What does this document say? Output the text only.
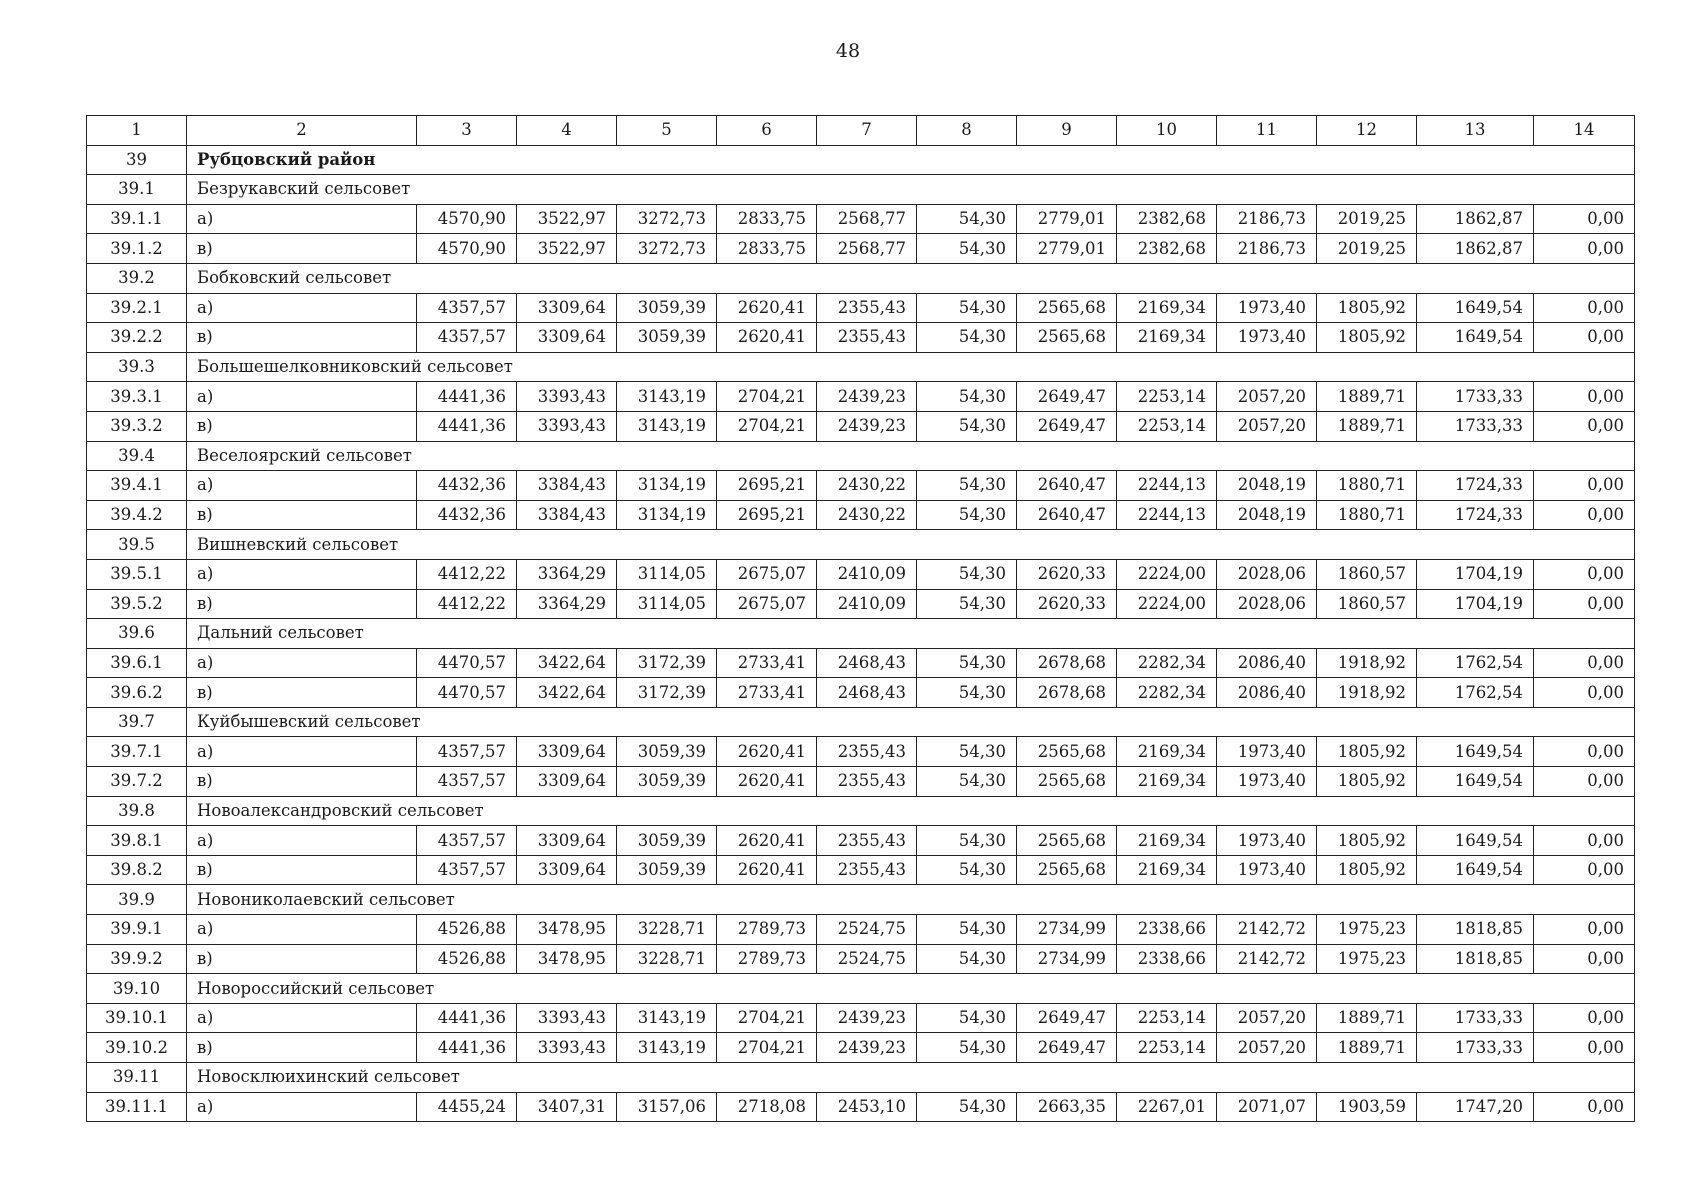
48
1	2	3	4	5	6	7	8	9	10	11	12	13	14
39	Рубцовский район												
39.1	Безрукавский сельсовет												
39.1.1	а)	4570,90	3522,97	3272,73	2833,75	2568,77	54,30	2779,01	2382,68	2186,73	2019,25	1862,87	0,00
39.1.2	в)	4570,90	3522,97	3272,73	2833,75	2568,77	54,30	2779,01	2382,68	2186,73	2019,25	1862,87	0,00
39.2	Бобковский сельсовет												
39.2.1	а)	4357,57	3309,64	3059,39	2620,41	2355,43	54,30	2565,68	2169,34	1973,40	1805,92	1649,54	0,00
39.2.2	в)	4357,57	3309,64	3059,39	2620,41	2355,43	54,30	2565,68	2169,34	1973,40	1805,92	1649,54	0,00
39.3	Большешелковниковский сельсовет												
39.3.1	а)	4441,36	3393,43	3143,19	2704,21	2439,23	54,30	2649,47	2253,14	2057,20	1889,71	1733,33	0,00
39.3.2	в)	4441,36	3393,43	3143,19	2704,21	2439,23	54,30	2649,47	2253,14	2057,20	1889,71	1733,33	0,00
39.4	Веселоярский сельсовет												
39.4.1	а)	4432,36	3384,43	3134,19	2695,21	2430,22	54,30	2640,47	2244,13	2048,19	1880,71	1724,33	0,00
39.4.2	в)	4432,36	3384,43	3134,19	2695,21	2430,22	54,30	2640,47	2244,13	2048,19	1880,71	1724,33	0,00
39.5	Вишневский сельсовет												
39.5.1	а)	4412,22	3364,29	3114,05	2675,07	2410,09	54,30	2620,33	2224,00	2028,06	1860,57	1704,19	0,00
39.5.2	в)	4412,22	3364,29	3114,05	2675,07	2410,09	54,30	2620,33	2224,00	2028,06	1860,57	1704,19	0,00
39.6	Дальний сельсовет												
39.6.1	а)	4470,57	3422,64	3172,39	2733,41	2468,43	54,30	2678,68	2282,34	2086,40	1918,92	1762,54	0,00
39.6.2	в)	4470,57	3422,64	3172,39	2733,41	2468,43	54,30	2678,68	2282,34	2086,40	1918,92	1762,54	0,00
39.7	Куйбышевский сельсовет												
39.7.1	а)	4357,57	3309,64	3059,39	2620,41	2355,43	54,30	2565,68	2169,34	1973,40	1805,92	1649,54	0,00
39.7.2	в)	4357,57	3309,64	3059,39	2620,41	2355,43	54,30	2565,68	2169,34	1973,40	1805,92	1649,54	0,00
39.8	Новоалександровский сельсовет												
39.8.1	а)	4357,57	3309,64	3059,39	2620,41	2355,43	54,30	2565,68	2169,34	1973,40	1805,92	1649,54	0,00
39.8.2	в)	4357,57	3309,64	3059,39	2620,41	2355,43	54,30	2565,68	2169,34	1973,40	1805,92	1649,54	0,00
39.9	Новониколаевский сельсовет												
39.9.1	а)	4526,88	3478,95	3228,71	2789,73	2524,75	54,30	2734,99	2338,66	2142,72	1975,23	1818,85	0,00
39.9.2	в)	4526,88	3478,95	3228,71	2789,73	2524,75	54,30	2734,99	2338,66	2142,72	1975,23	1818,85	0,00
39.10	Новороссийский сельсовет												
39.10.1	а)	4441,36	3393,43	3143,19	2704,21	2439,23	54,30	2649,47	2253,14	2057,20	1889,71	1733,33	0,00
39.10.2	в)	4441,36	3393,43	3143,19	2704,21	2439,23	54,30	2649,47	2253,14	2057,20	1889,71	1733,33	0,00
39.11	Новосклюихинский сельсовет												
39.11.1	а)	4455,24	3407,31	3157,06	2718,08	2453,10	54,30	2663,35	2267,01	2071,07	1903,59	1747,20	0,00
